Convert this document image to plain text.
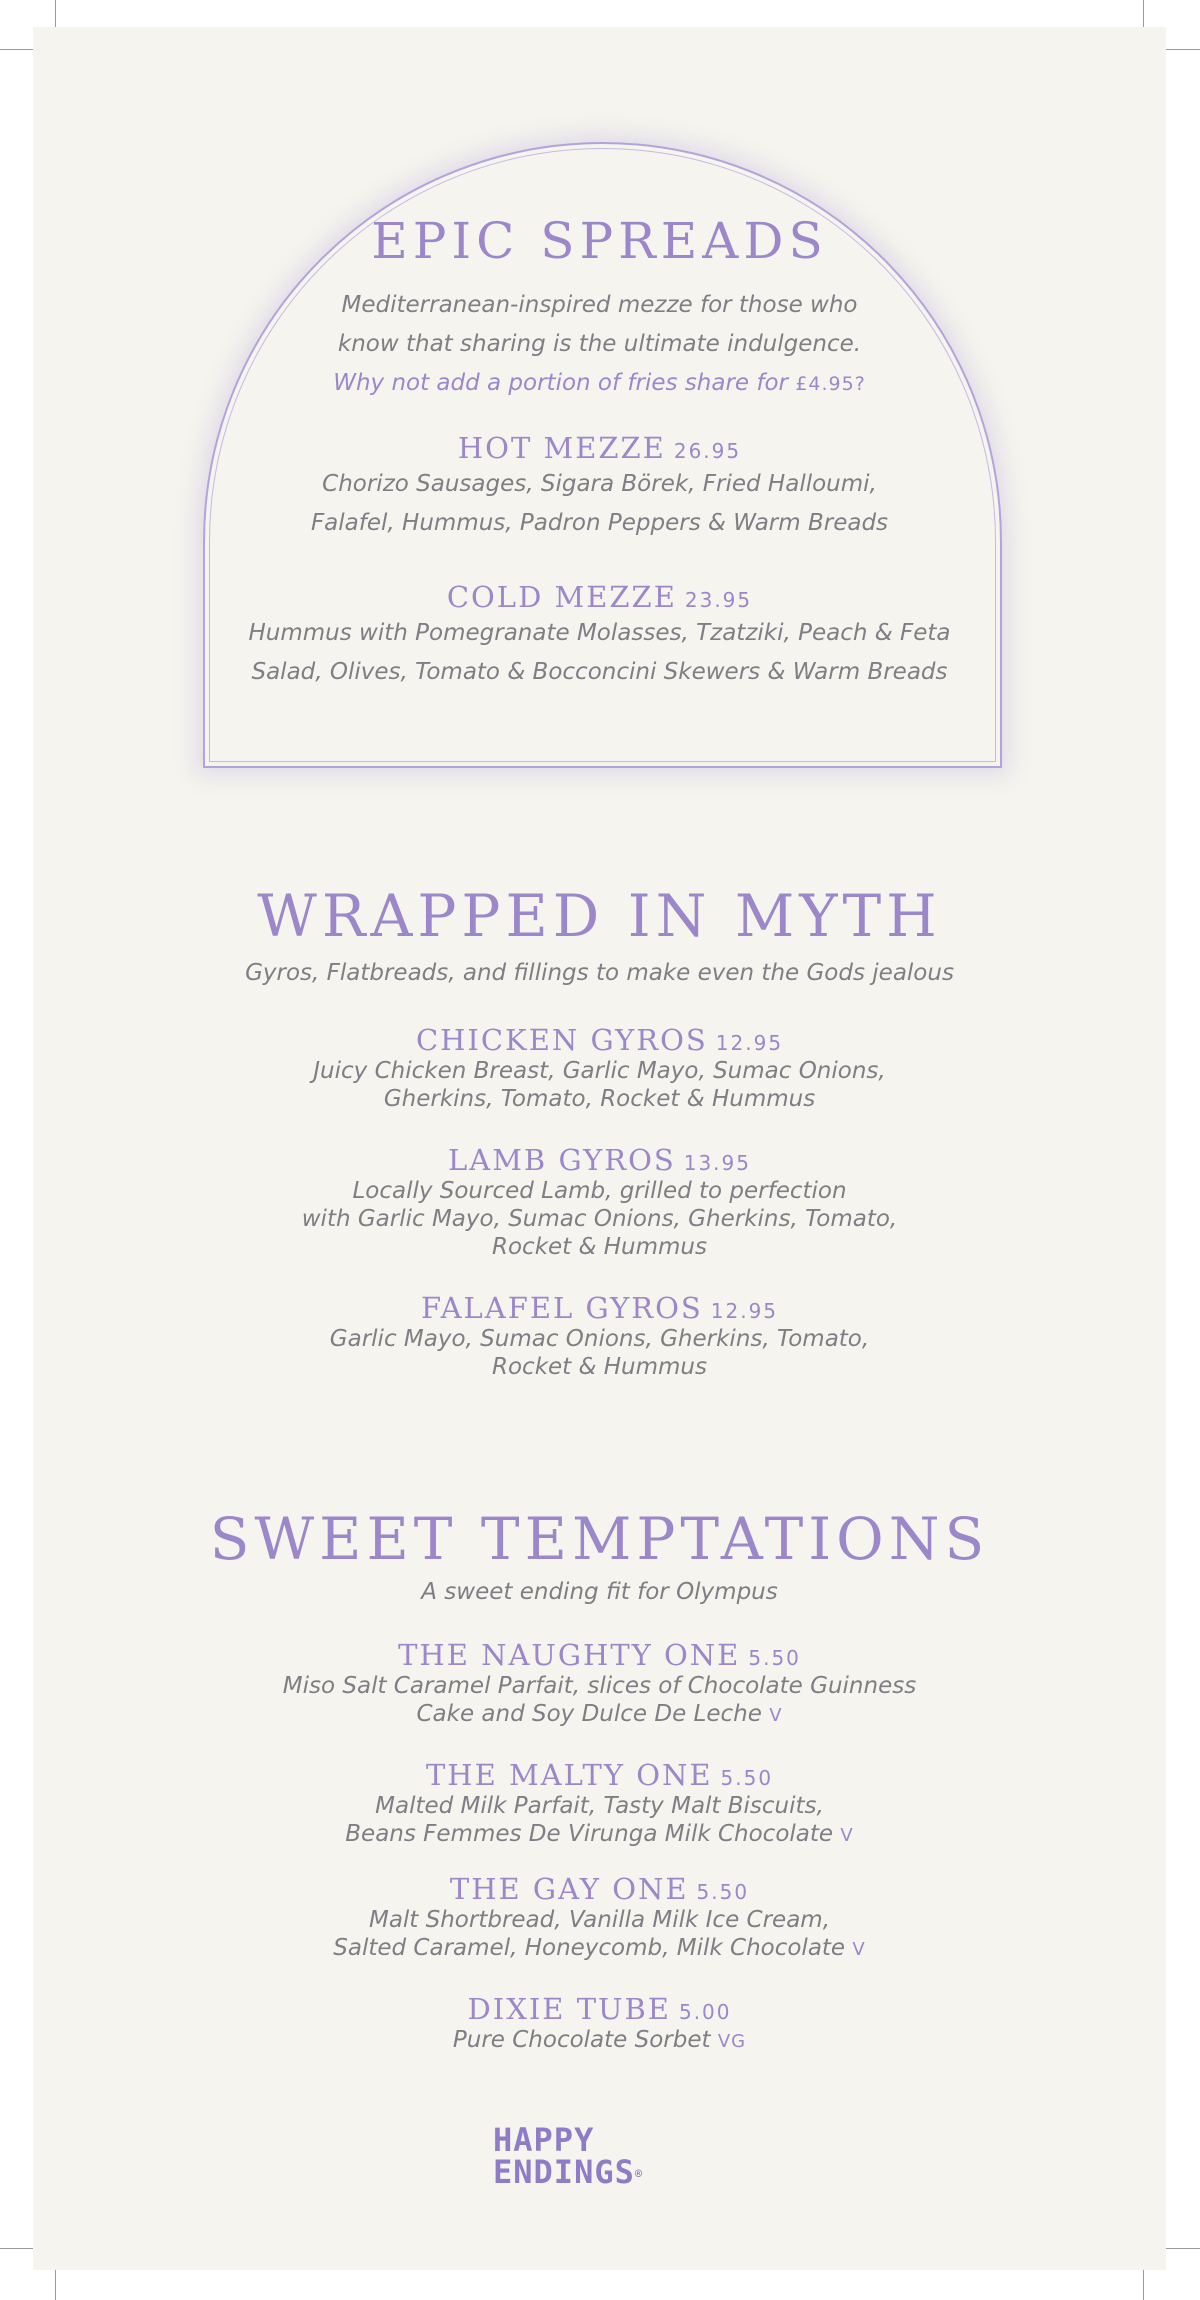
EPIC SPREADS
Mediterranean-inspired mezze for those who
know that sharing is the ultimate indulgence.
Why not add a portion of fries share for £4.95?
HOT MEZZE 26.95
Chorizo Sausages, Sigara Börek, Fried Halloumi,
Falafel, Hummus, Padron Peppers & Warm Breads
COLD MEZZE 23.95
Hummus with Pomegranate Molasses, Tzatziki, Peach & Feta
Salad, Olives, Tomato & Bocconcini Skewers & Warm Breads
WRAPPED IN MYTH
Gyros, Flatbreads, and fillings to make even the Gods jealous
CHICKEN GYROS 12.95
Juicy Chicken Breast, Garlic Mayo, Sumac Onions,
Gherkins, Tomato, Rocket & Hummus
LAMB GYROS 13.95
Locally Sourced Lamb, grilled to perfection
with Garlic Mayo, Sumac Onions, Gherkins, Tomato,
Rocket & Hummus
FALAFEL GYROS 12.95
Garlic Mayo, Sumac Onions, Gherkins, Tomato,
Rocket & Hummus
SWEET TEMPTATIONS
A sweet ending fit for Olympus
THE NAUGHTY ONE 5.50
Miso Salt Caramel Parfait, slices of Chocolate Guinness
Cake and Soy Dulce De Leche V
THE MALTY ONE 5.50
Malted Milk Parfait, Tasty Malt Biscuits,
Beans Femmes De Virunga Milk Chocolate V
THE GAY ONE 5.50
Malt Shortbread, Vanilla Milk Ice Cream,
Salted Caramel, Honeycomb, Milk Chocolate V
DIXIE TUBE 5.00
Pure Chocolate Sorbet VG
HAPPY
ENDINGS®
